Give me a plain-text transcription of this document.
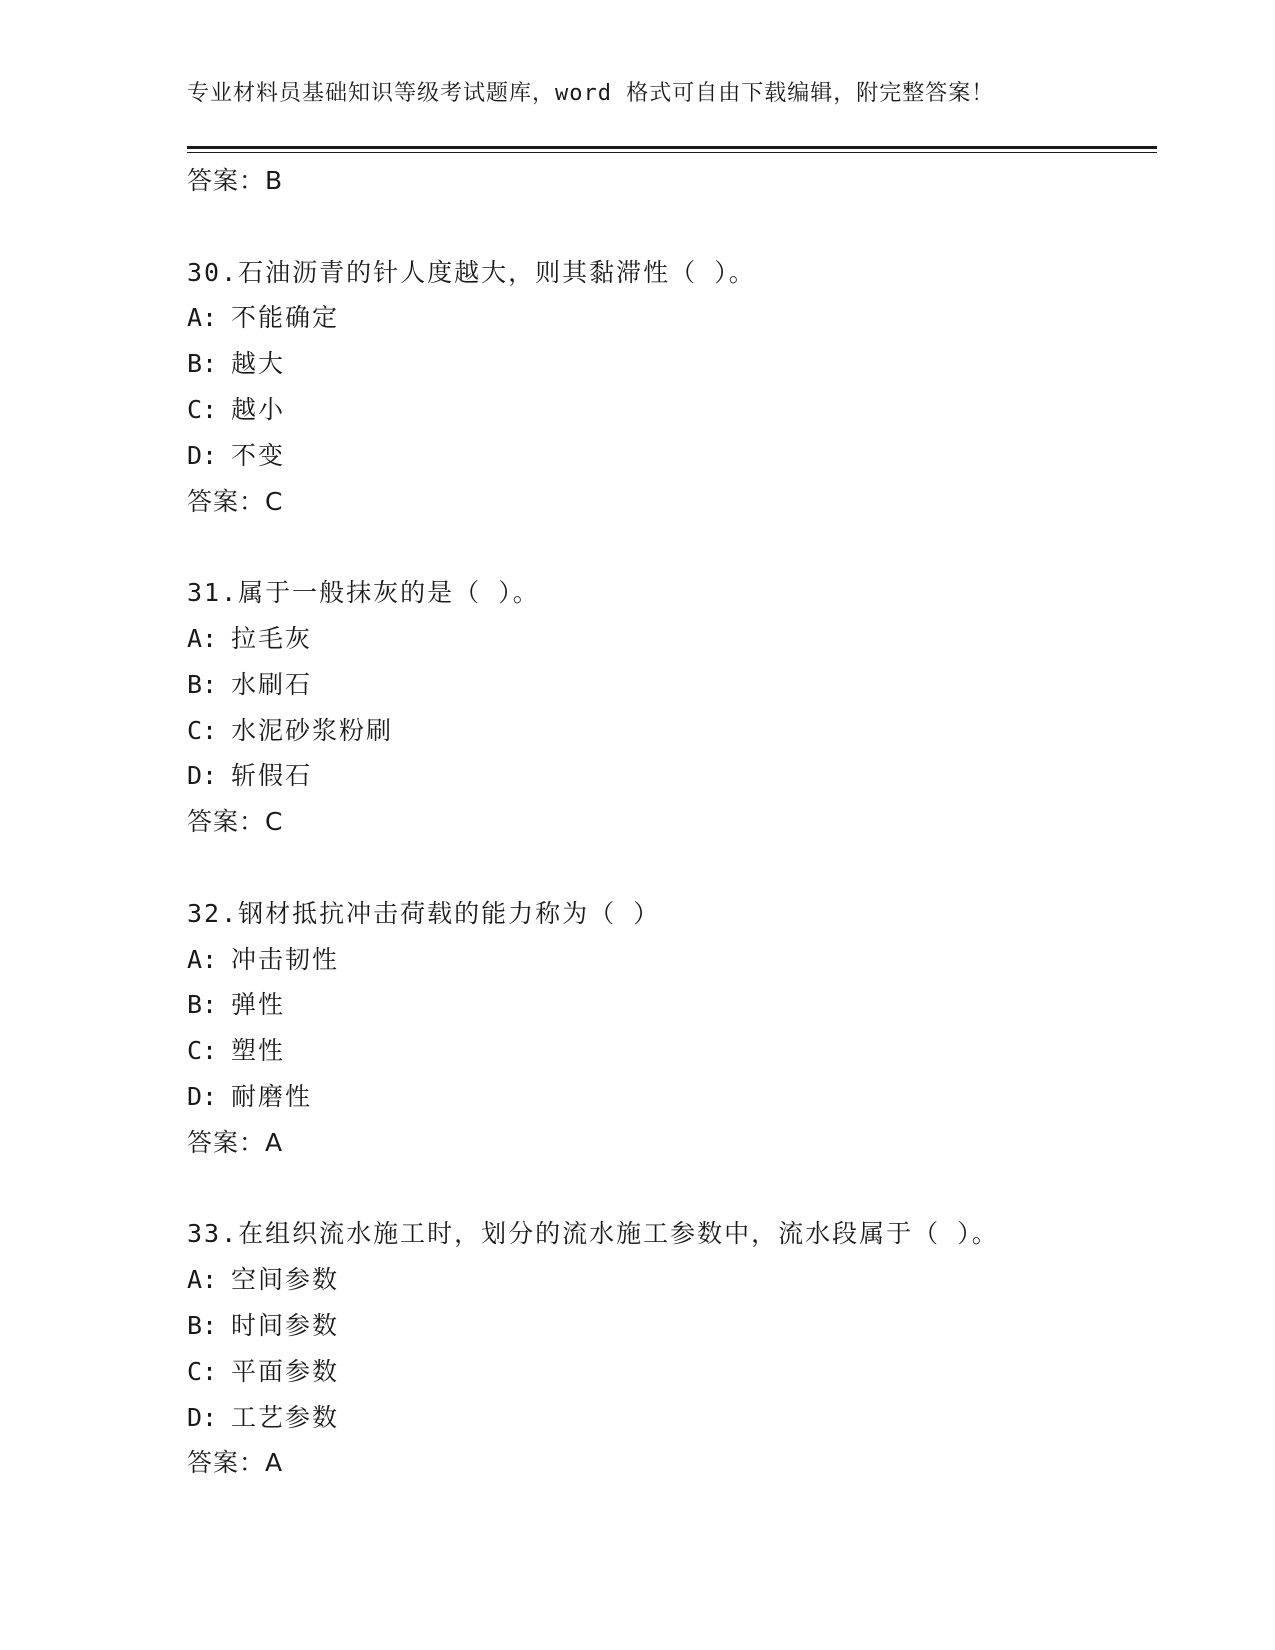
专业材料员基础知识等级考试题库，word 格式可自由下载编辑，附完整答案！
答案：B
30.石油沥青的针人度越大，则其黏滞性（ ）。
A: 不能确定
B: 越大
C: 越小
D: 不变
答案：C
31.属于一般抹灰的是（ ）。
A: 拉毛灰
B: 水刷石
C: 水泥砂浆粉刷
D: 斩假石
答案：C
32.钢材抵抗冲击荷载的能力称为（ ）
A: 冲击韧性
B: 弹性
C: 塑性
D: 耐磨性
答案：A
33.在组织流水施工时，划分的流水施工参数中，流水段属于（ ）。
A: 空间参数
B: 时间参数
C: 平面参数
D: 工艺参数
答案：A
